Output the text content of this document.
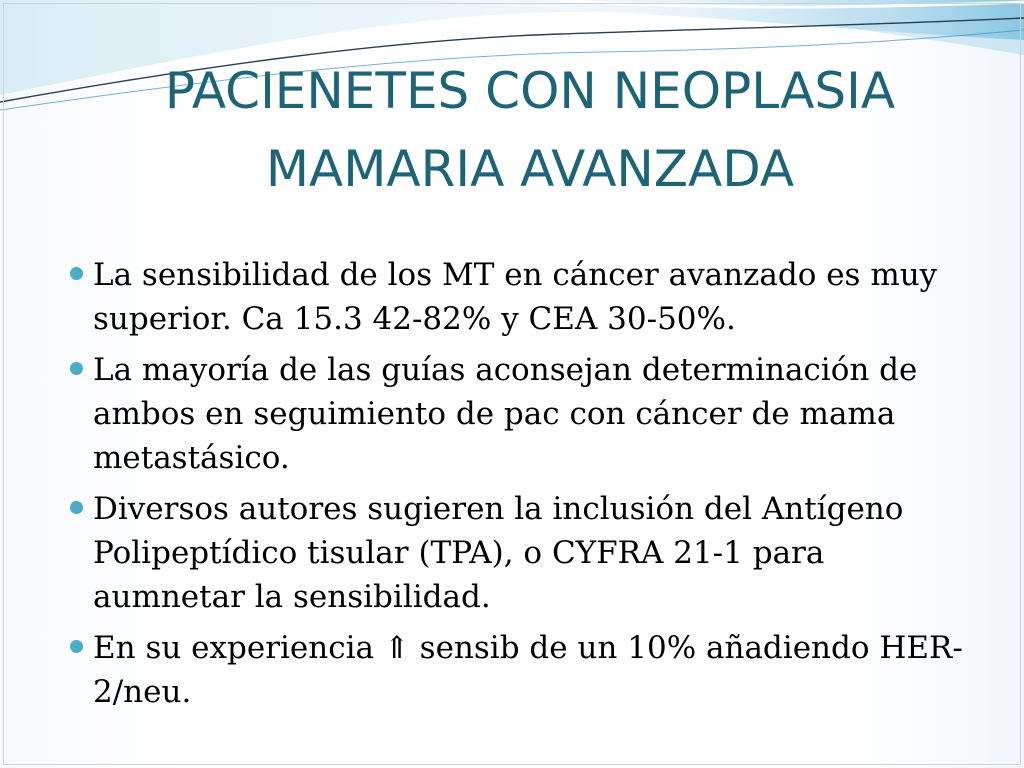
PACIENETES CON NEOPLASIA
MAMARIA AVANZADA
La sensibilidad de los MT en cáncer avanzado es muy superior. Ca 15.3 42-82% y CEA 30-50%.
La mayoría de las guías aconsejan determinación de ambos en seguimiento de pac con cáncer de mama metastásico.
Diversos autores sugieren la inclusión del Antígeno Polipeptídico tisular (TPA), o CYFRA 21-1 para aumnetar la sensibilidad.
En su experiencia ⇑ sensib de un 10% añadiendo HER-2/neu.
